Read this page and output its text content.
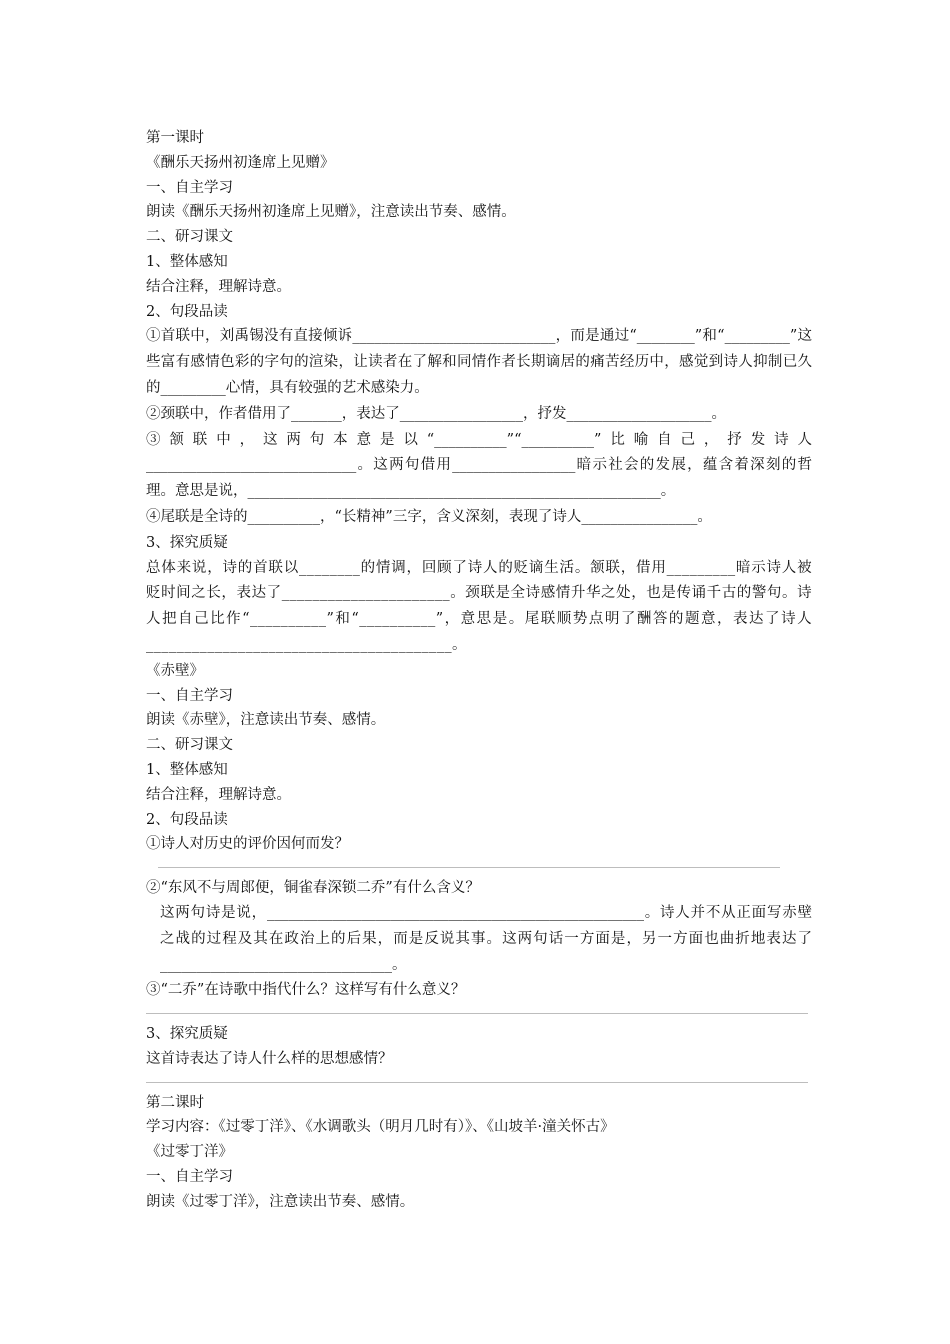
第一课时
《酬乐天扬州初逢席上见赠》
一、自主学习
朗读《酬乐天扬州初逢席上见赠》，注意读出节奏、感情。
二、研习课文
1、整体感知
结合注释，理解诗意。
2、句段品读
①首联中，刘禹锡没有直接倾诉____________________________，而是通过“________”和“_________”这些富有感情色彩的字句的渲染，让读者在了解和同情作者长期谪居的痛苦经历中，感觉到诗人抑制已久的_________心情，具有较强的艺术感染力。
②颈联中，作者借用了_______，表达了_________________，抒发____________________。
③颔联中，这两句本意是以“__________”“__________”比喻自己，抒发诗人_____________________________。这两句借用_________________暗示社会的发展，蕴含着深刻的哲理。意思是说，_________________________________________________________。
④尾联是全诗的__________，“长精神”三字，含义深刻，表现了诗人________________。
3、探究质疑
总体来说，诗的首联以________的情调，回顾了诗人的贬谪生活。颔联，借用_________暗示诗人被贬时间之长，表达了______________________。颈联是全诗感情升华之处，也是传诵千古的警句。诗人把自己比作“__________”和“__________”，意思是。尾联顺势点明了酬答的题意，表达了诗人________________________________________。
《赤壁》
一、自主学习
朗读《赤壁》，注意读出节奏、感情。
二、研习课文
1、整体感知
结合注释，理解诗意。
2、句段品读
①诗人对历史的评价因何而发？
②“东风不与周郎便，铜雀春深锁二乔”有什么含义？
这两句诗是说，____________________________________________________。诗人并不从正面写赤壁之战的过程及其在政治上的后果，而是反说其事。这两句话一方面是，另一方面也曲折地表达了________________________________。
③“二乔”在诗歌中指代什么？这样写有什么意义？
3、探究质疑
这首诗表达了诗人什么样的思想感情？
第二课时
学习内容：《过零丁洋》、《水调歌头（明月几时有）》、《山坡羊·潼关怀古》
《过零丁洋》
一、自主学习
朗读《过零丁洋》，注意读出节奏、感情。
